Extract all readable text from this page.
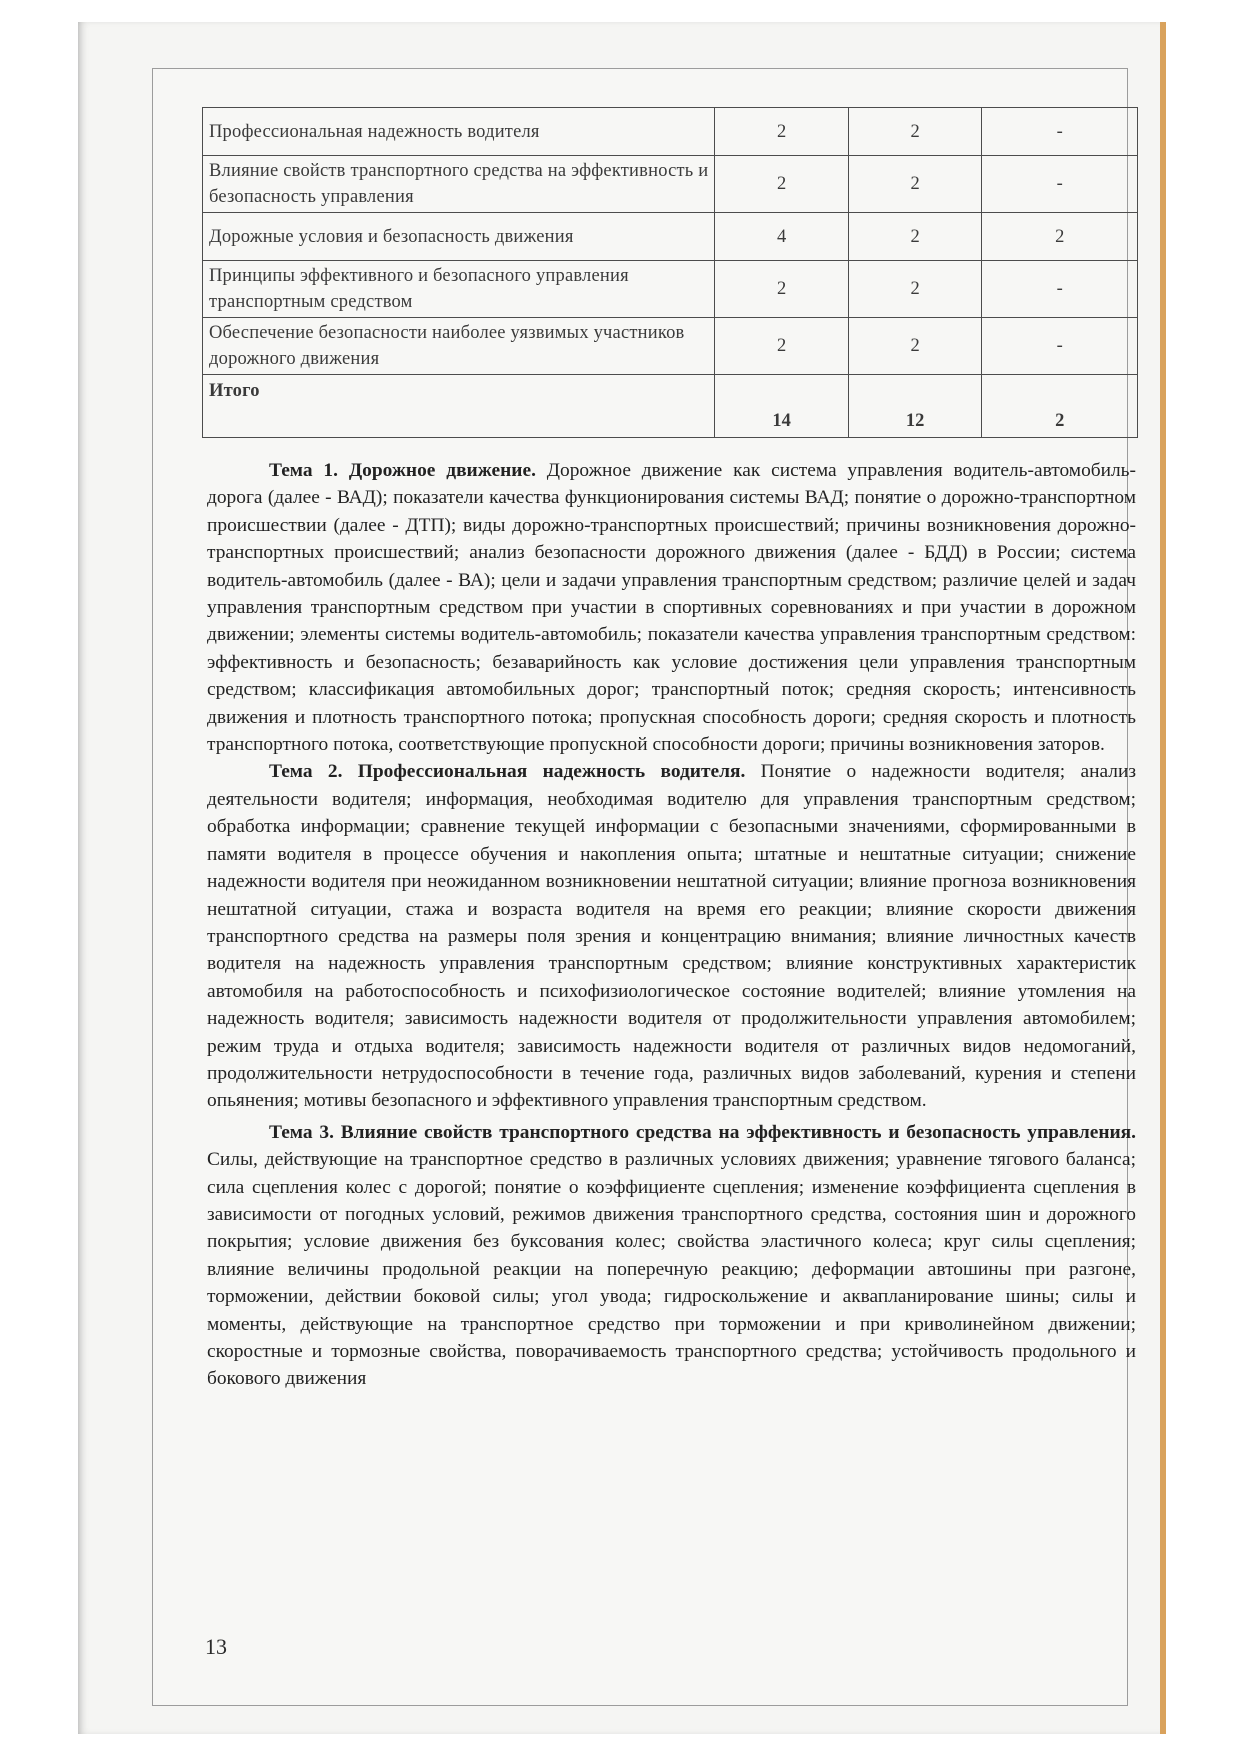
Профессиональная надежность водителя	2	2	-
Влияние свойств транспортного средства на эффективность и безопасность управления	2	2	-
Дорожные условия и безопасность движения	4	2	2
Принципы эффективного и безопасного управления транспортным средством	2	2	-
Обеспечение безопасности наиболее уязвимых участников дорожного движения	2	2	-
Итого	14	12	2

Тема 1. Дорожное движение. Дорожное движение как система управления водитель-автомобиль-дорога (далее - ВАД); показатели качества функционирования системы ВАД; понятие о дорожно-транспортном происшествии (далее - ДТП); виды дорожно-транспортных происшествий; причины возникновения дорожно-транспортных происшествий; анализ безопасности дорожного движения (далее - БДД) в России; система водитель-автомобиль (далее - ВА); цели и задачи управления транспортным средством; различие целей и задач управления транспортным средством при участии в спортивных соревнованиях и при участии в дорожном движении; элементы системы водитель-автомобиль; показатели качества управления транспортным средством: эффективность и безопасность; безаварийность как условие достижения цели управления транспортным средством; классификация автомобильных дорог; транспортный поток; средняя скорость; интенсивность движения и плотность транспортного потока; пропускная способность дороги; средняя скорость и плотность транспортного потока, соответствующие пропускной способности дороги; причины возникновения заторов.

Тема 2. Профессиональная надежность водителя. Понятие о надежности водителя; анализ деятельности водителя; информация, необходимая водителю для управления транспортным средством; обработка информации; сравнение текущей информации с безопасными значениями, сформированными в памяти водителя в процессе обучения и накопления опыта; штатные и нештатные ситуации; снижение надежности водителя при неожиданном возникновении нештатной ситуации; влияние прогноза возникновения нештатной ситуации, стажа и возраста водителя на время его реакции; влияние скорости движения транспортного средства на размеры поля зрения и концентрацию внимания; влияние личностных качеств водителя на надежность управления транспортным средством; влияние конструктивных характеристик автомобиля на работоспособность и психофизиологическое состояние водителей; влияние утомления на надежность водителя; зависимость надежности водителя от продолжительности управления автомобилем; режим труда и отдыха водителя; зависимость надежности водителя от различных видов недомоганий, продолжительности нетрудоспособности в течение года, различных видов заболеваний, курения и степени опьянения; мотивы безопасного и эффективного управления транспортным средством.

Тема 3. Влияние свойств транспортного средства на эффективность и безопасность управления. Силы, действующие на транспортное средство в различных условиях движения; уравнение тягового баланса; сила сцепления колес с дорогой; понятие о коэффициенте сцепления; изменение коэффициента сцепления в зависимости от погодных условий, режимов движения транспортного средства, состояния шин и дорожного покрытия; условие движения без буксования колес; свойства эластичного колеса; круг силы сцепления; влияние величины продольной реакции на поперечную реакцию; деформации автошины при разгоне, торможении, действии боковой силы; угол увода; гидроскольжение и аквапланирование шины; силы и моменты, действующие на транспортное средство при торможении и при криволинейном движении; скоростные и тормозные свойства, поворачиваемость транспортного средства; устойчивость продольного и бокового движения

13
